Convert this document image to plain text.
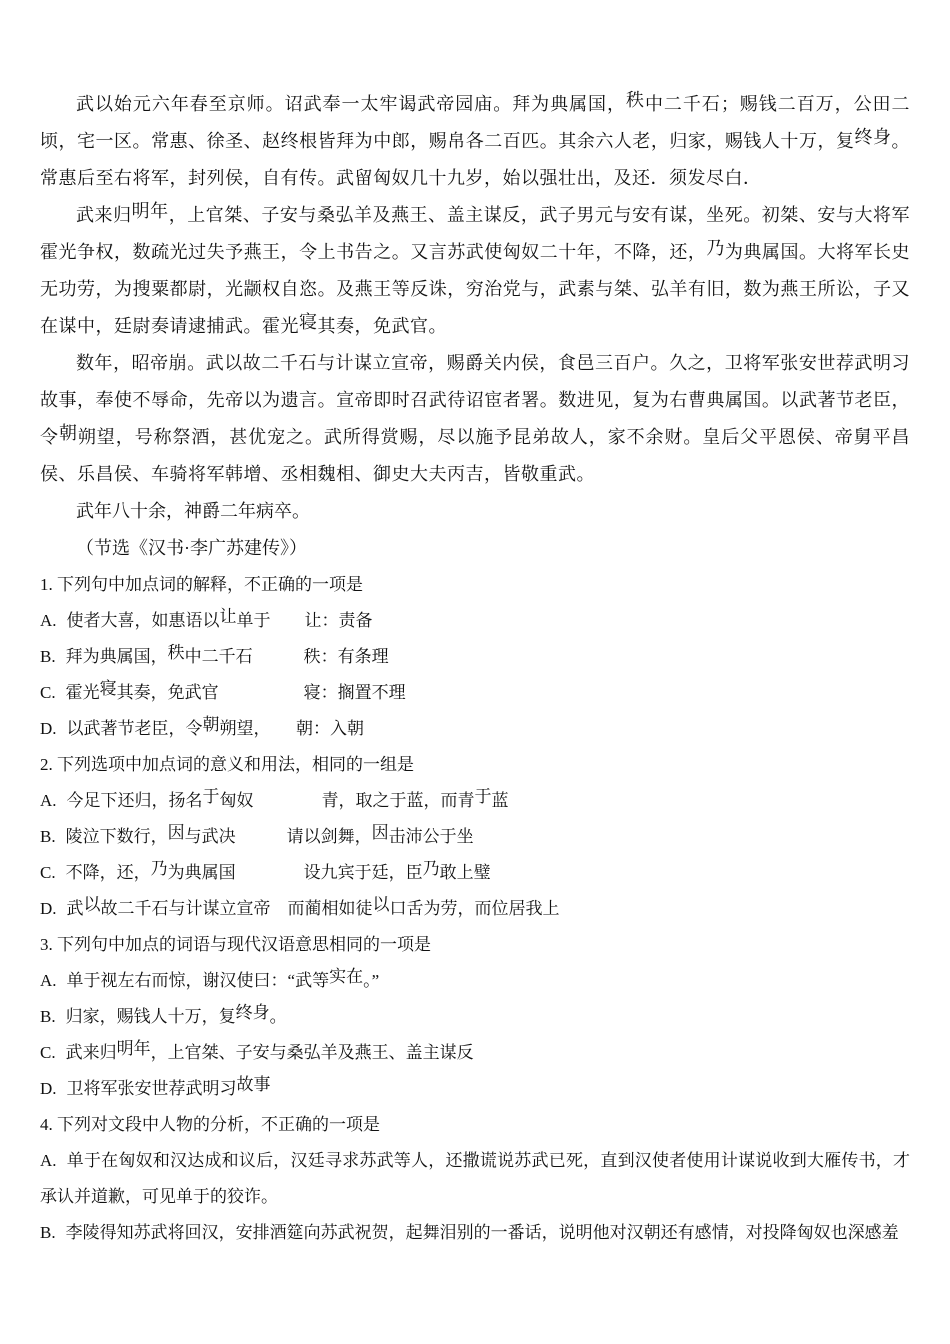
武以始元六年春至京师。诏武奉一太牢谒武帝园庙。拜为典属国，秩中二千石；赐钱二百万，公田二顷，宅一区。常惠、徐圣、赵终根皆拜为中郎，赐帛各二百匹。其余六人老，归家，赐钱人十万，复终身。常惠后至右将军，封列侯，自有传。武留匈奴几十九岁，始以强壮出，及还．须发尽白．
武来归明年，上官桀、子安与桑弘羊及燕王、盖主谋反，武子男元与安有谋，坐死。初桀、安与大将军霍光争权，数疏光过失予燕王，令上书告之。又言苏武使匈奴二十年，不降，还，乃为典属国。大将军长史无功劳，为搜粟都尉，光颛权自恣。及燕王等反诛，穷治党与，武素与桀、弘羊有旧，数为燕王所讼，子又在谋中，廷尉奏请逮捕武。霍光寝其奏，免武官。
数年，昭帝崩。武以故二千石与计谋立宣帝，赐爵关内侯，食邑三百户。久之，卫将军张安世荐武明习故事，奉使不辱命，先帝以为遗言。宣帝即时召武待诏宦者署。数进见，复为右曹典属国。以武著节老臣，令朝朔望，号称祭酒，甚优宠之。武所得赏赐，尽以施予昆弟故人，家不余财。皇后父平恩侯、帝舅平昌侯、乐昌侯、车骑将军韩增、丞相魏相、御史大夫丙吉，皆敬重武。
武年八十余，神爵二年病卒。
（节选《汉书·李广苏建传》）
1. 下列句中加点词的解释，不正确的一项是
A. 使者大喜，如惠语以让单于　　 让：责备
B. 拜为典属国，秩中二千石　　　	秩：有条理
C. 霍光寝其奏，免武官　　　　　	寝：搁置不理
D. 以武著节老臣，令朝朔望，　　 朝：入朝
2. 下列选项中加点词的意义和用法，相同的一组是
A. 今足下还归，扬名于匈奴　　　　	青，取之于蓝，而青于蓝
B. 陵泣下数行，因与武决　　　	请以剑舞，因击沛公于坐
C. 不降，还，乃为典属国　　　　	设九宾于廷，臣乃敢上璧
D. 武以故二千石与计谋立宣帝　 而蔺相如徒以口舌为劳，而位居我上
3. 下列句中加点的词语与现代汉语意思相同的一项是
A. 单于视左右而惊，谢汉使曰：“武等实在。”
B. 归家，赐钱人十万，复终身。
C. 武来归明年，上官桀、子安与桑弘羊及燕王、盖主谋反
D. 卫将军张安世荐武明习故事
4. 下列对文段中人物的分析，不正确的一项是
A. 单于在匈奴和汉达成和议后，汉廷寻求苏武等人，还撒谎说苏武已死，直到汉使者使用计谋说收到大雁传书，才承认并道歉，可见单于的狡诈。
B. 李陵得知苏武将回汉，安排酒筵向苏武祝贺，起舞泪别的一番话，说明他对汉朝还有感情，对投降匈奴也深感羞
